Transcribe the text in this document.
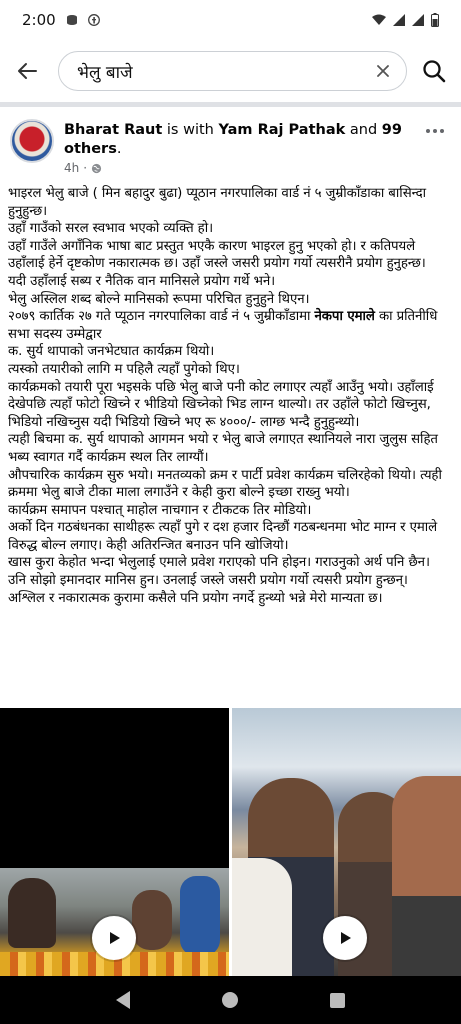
2:00
भेलु बाजे
Bharat Raut is with Yam Raj Pathak and 99 others.
4h ·

भाइरल भेलु बाजे ( मिन बहादुर बुढा) प्यूठान नगरपालिका वार्ड नं ५ जुम्रीकाँडाका बासिन्दा हुनुहुन्छ।

उहाँ गाउँको सरल स्वभाव भएको व्यक्ति हो।

उहाँ गाउँले अगाँनिक भाषा बाट प्रस्तुत भएकै कारण भाइरल हुनु भएको हो। र कतिपयले उहाँलाई हेर्ने दृष्टकोण नकारात्मक छ। उहाँ जस्ले जसरी प्रयोग गर्यो त्यसरीनै प्रयोग हुनुहन्छ।

यदी उहाँलाई सब्य र नैतिक वान मानिसले प्रयोग गर्थे भने।

भेलु अस्लिल शब्द बोल्ने मानिसको रूपमा परिचित हुनुहुने थिएन।

२०७९ कार्तिक २७ गते प्यूठान नगरपालिका वार्ड नं ५ जुम्रीकाँडामा नेकपा एमाले का प्रतिनीधि सभा सदस्य उम्मेद्वार

क. सुर्य थापाको जनभेटघात कार्यक्रम थियो।

त्यस्को तयारीको लागि म पहिलै त्यहाँ पुगेको थिए।

कार्यक्रमको तयारी पूरा भइसके पछि भेलु बाजे पनी कोट लगाएर त्यहाँ आउँनु भयो। उहाँलाई देखेपछि त्यहाँ फोटो खिच्ने र भीडियो खिच्नेको भिड लाग्न थाल्यो। तर उहाँले फोटो खिच्नुस, भिडियो नखिच्नुस यदी भिडियो खिच्ने भए रू ४०००/- लाग्छ भन्दै हुनुहुन्थ्यो।

त्यही बिचमा क. सुर्य थापाको आगमन भयो र भेलु बाजे लगाएत स्थानियले नारा जुलुस सहित भब्य स्वागत गर्दै कार्यक्रम स्थल तिर लाग्यौं।

औपचारिक कार्यक्रम सुरु भयो। मनतव्यको क्रम र पार्टी प्रवेश कार्यक्रम चलिरहेको थियो। त्यही क्रममा भेलु बाजे टीका माला लगाउँने र केही कुरा बोल्ने इच्छा राख्नु भयो।

कार्यक्रम समापन पश्चात् माहोल नाचगान र टीकटक तिर मोडियो।

अर्को दिन गठबंधनका साथीहरू त्यहाँ पुगे र दश हजार दिन्छौं गठबन्धनमा भोट माग्न र एमाले विरुद्ध बोल्न लगाए। केही अतिरन्जित बनाउन पनि खोजियो।

खास कुरा केहोत भन्दा भेलुलाई एमाले प्रवेश गराएको पनि होइन। गराउनुको अर्थ पनि छैन। उनि सोझो इमानदार मानिस हुन। उनलाई जस्ले जसरी प्रयोग गर्यो त्यसरी प्रयोग हुन्छन्।

अश्लिल र नकारात्मक कुरामा कसैले पनि प्रयोग नगर्दे हुन्थ्यो भन्ने मेरो मान्यता छ।
